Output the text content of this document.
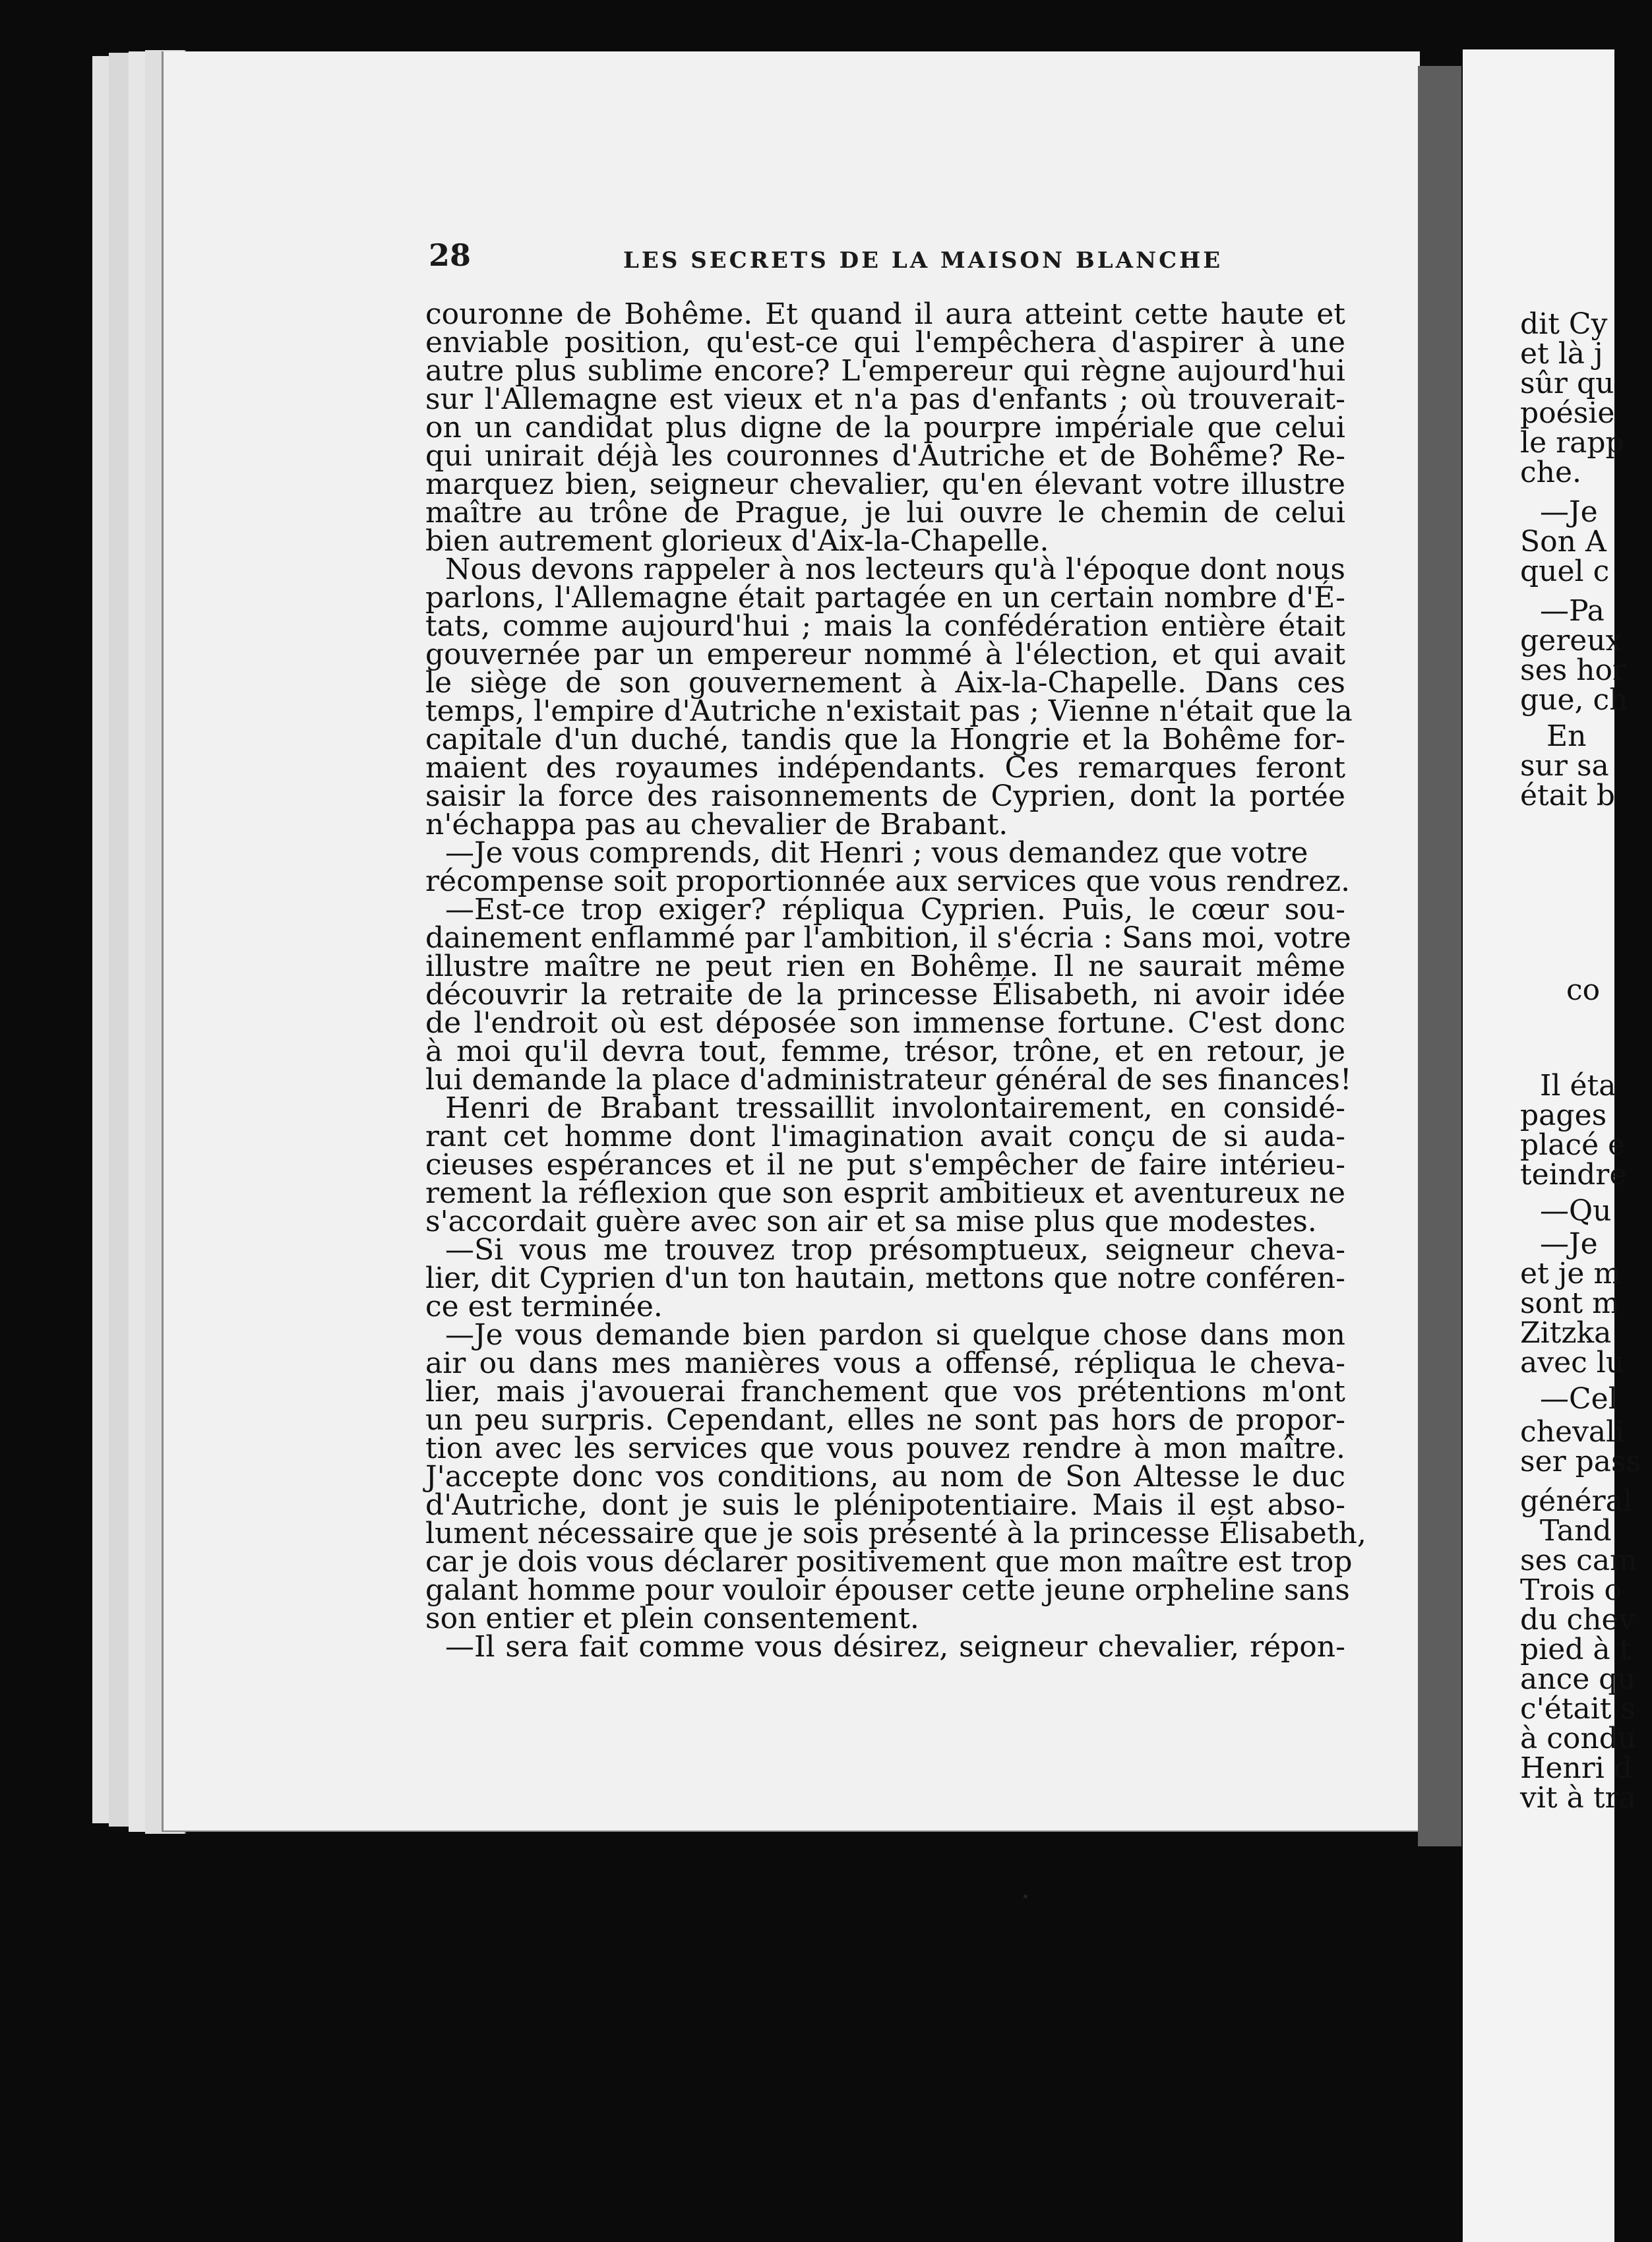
28	LES SECRETS DE LA MAISON BLANCHE
couronne de Bohême. Et quand il aura atteint cette haute et
enviable position, qu'est-ce qui l'empêchera d'aspirer à une
autre plus sublime encore? L'empereur qui règne aujourd'hui
sur l'Allemagne est vieux et n'a pas d'enfants ; où trouverait-
on un candidat plus digne de la pourpre impériale que celui
qui unirait déjà les couronnes d'Autriche et de Bohême? Re-
marquez bien, seigneur chevalier, qu'en élevant votre illustre
maître au trône de Prague, je lui ouvre le chemin de celui
bien autrement glorieux d'Aix-la-Chapelle.
Nous devons rappeler à nos lecteurs qu'à l'époque dont nous
parlons, l'Allemagne était partagée en un certain nombre d'É-
tats, comme aujourd'hui ; mais la confédération entière était
gouvernée par un empereur nommé à l'élection, et qui avait
le siège de son gouvernement à Aix-la-Chapelle. Dans ces
temps, l'empire d'Autriche n'existait pas ; Vienne n'était que la
capitale d'un duché, tandis que la Hongrie et la Bohême for-
maient des royaumes indépendants. Ces remarques feront
saisir la force des raisonnements de Cyprien, dont la portée
n'échappa pas au chevalier de Brabant.
—Je vous comprends, dit Henri ; vous demandez que votre
récompense soit proportionnée aux services que vous rendrez.
—Est-ce trop exiger? répliqua Cyprien. Puis, le cœur sou-
dainement enflammé par l'ambition, il s'écria : Sans moi, votre
illustre maître ne peut rien en Bohême. Il ne saurait même
découvrir la retraite de la princesse Élisabeth, ni avoir idée
de l'endroit où est déposée son immense fortune. C'est donc
à moi qu'il devra tout, femme, trésor, trône, et en retour, je
lui demande la place d'administrateur général de ses finances!
Henri de Brabant tressaillit involontairement, en considé-
rant cet homme dont l'imagination avait conçu de si auda-
cieuses espérances et il ne put s'empêcher de faire intérieu-
rement la réflexion que son esprit ambitieux et aventureux ne
s'accordait guère avec son air et sa mise plus que modestes.
—Si vous me trouvez trop présomptueux, seigneur cheva-
lier, dit Cyprien d'un ton hautain, mettons que notre conféren-
ce est terminée.
—Je vous demande bien pardon si quelque chose dans mon
air ou dans mes manières vous a offensé, répliqua le cheva-
lier, mais j'avouerai franchement que vos prétentions m'ont
un peu surpris. Cependant, elles ne sont pas hors de propor-
tion avec les services que vous pouvez rendre à mon maître.
J'accepte donc vos conditions, au nom de Son Altesse le duc
d'Autriche, dont je suis le plénipotentiaire. Mais il est abso-
lument nécessaire que je sois présenté à la princesse Élisabeth,
car je dois vous déclarer positivement que mon maître est trop
galant homme pour vouloir épouser cette jeune orpheline sans
son entier et plein consentement.
—Il sera fait comme vous désirez, seigneur chevalier, répon-
dit Cy
et là j
sûr qu
poésie
le rapp
che.
—Je
Son A
quel c
—Pa
gereux
ses hor
gue, ch
En
sur sa
était b
co
Il éta
pages
placé e
teindre
—Qu
—Je
et je m
sont m
Zitzka
avec lu
—Cel
chevali
ser pass
général
Tand
ses cam
Trois o
du chev
pied à t
ance qu
c'était s
à condu
Henri d
vit à tra
